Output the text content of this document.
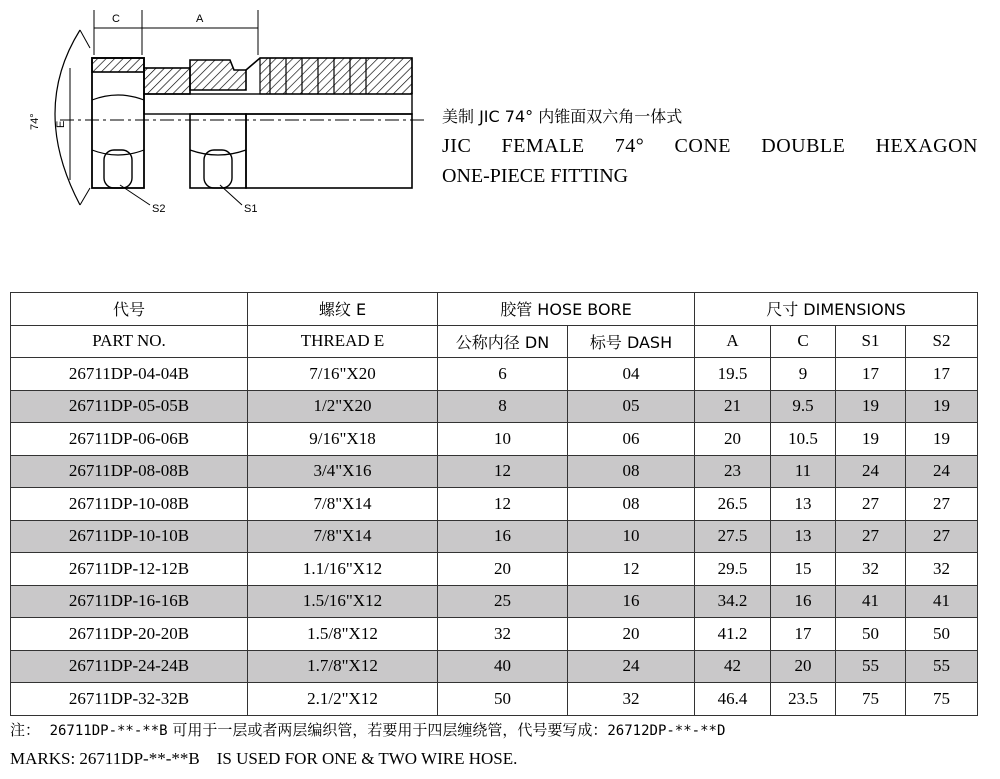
C	A
E
74°
S2	S1
美制 JIC 74° 内锥面双六角一体式
JIC FEMALE 74° CONE DOUBLE HEXAGON
ONE-PIECE FITTING
代号	螺纹 E	胶管 HOSE BORE		尺寸 DIMENSIONS			
PART NO.	THREAD E	公称内径 DN	标号 DASH	A	C	S1	S2
26711DP-04-04B	7/16"X20	6	04	19.5	9	17	17
26711DP-05-05B	1/2"X20	8	05	21	9.5	19	19
26711DP-06-06B	9/16"X18	10	06	20	10.5	19	19
26711DP-08-08B	3/4"X16	12	08	23	11	24	24
26711DP-10-08B	7/8"X14	12	08	26.5	13	27	27
26711DP-10-10B	7/8"X14	16	10	27.5	13	27	27
26711DP-12-12B	1.1/16"X12	20	12	29.5	15	32	32
26711DP-16-16B	1.5/16"X12	25	16	34.2	16	41	41
26711DP-20-20B	1.5/8"X12	32	20	41.2	17	50	50
26711DP-24-24B	1.7/8"X12	40	24	42	20	55	55
26711DP-32-32B	2.1/2"X12	50	32	46.4	23.5	75	75
注： 26711DP-**-**B 可用于一层或者两层编织管，若要用于四层缠绕管，代号要写成：26712DP-**-**D
MARKS: 26711DP-**-**B    IS USED FOR ONE & TWO WIRE HOSE.
